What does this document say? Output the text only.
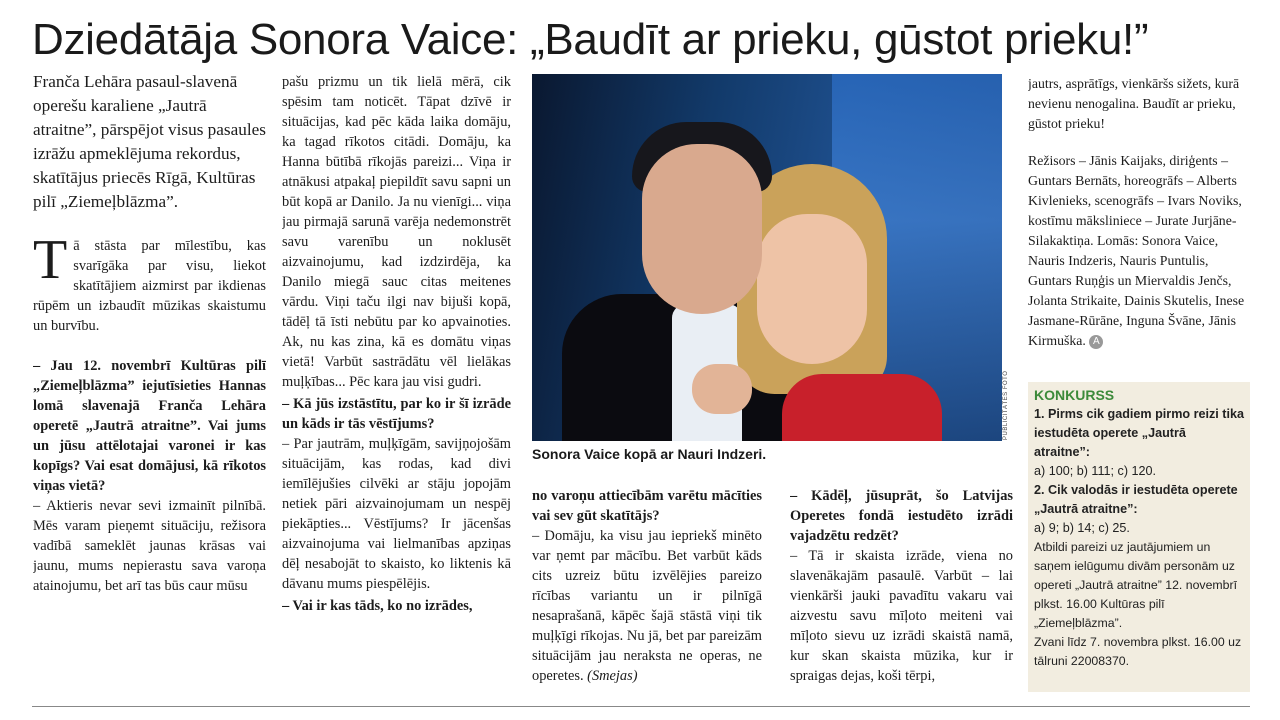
Dziedātāja Sonora Vaice: „Baudīt ar prieku, gūstot prieku!”

Franča Lehāra pasaul-slavenā operešu karaliene „Jautrā atraitne”, pārspējot visus pasaules izrāžu apmeklējuma rekordus, skatītājus priecēs Rīgā, Kultūras pilī „Ziemeļblāzma”.

Tā stāsta par mīlestību, kas svarīgāka par visu, liekot skatītājiem aizmirst par ikdienas rūpēm un izbaudīt mūzikas skaistumu un burvību.

– Jau 12. novembrī Kultūras pilī „Ziemeļblāzma” iejutīsieties Hannas lomā slavenajā Franča Lehāra operetē „Jautrā atraitne”. Vai jums un jūsu attēlotajai varonei ir kas kopīgs? Vai esat domājusi, kā rīkotos viņas vietā?

– Aktieris nevar sevi izmainīt pilnībā. Mēs varam pieņemt situāciju, režisora vadībā sameklēt jaunas krāsas vai jaunu, mums nepierastu sava varoņa atainojumu, bet arī tas būs caur mūsu

pašu prizmu un tik lielā mērā, cik spēsim tam noticēt. Tāpat dzīvē ir situācijas, kad pēc kāda laika domāju, ka tagad rīkotos citādi. Domāju, ka Hanna būtībā rīkojās pareizi... Viņa ir atnākusi atpakaļ piepildīt savu sapni un būt kopā ar Danilo. Ja nu vienīgi... viņa jau pirmajā sarunā varēja nedemonstrēt savu varenību un noklusēt aizvainojumu, kad izdzirdēja, ka Danilo miegā sauc citas meitenes vārdu. Viņi taču ilgi nav bijuši kopā, tādēļ tā īsti nebūtu par ko apvainoties. Ak, nu kas zina, kā es domātu viņas vietā! Varbūt sastrādātu vēl lielākas muļķības... Pēc kara jau visi gudri.

– Kā jūs izstāstītu, par ko ir šī izrāde un kāds ir tās vēstījums?

– Par jautrām, muļķīgām, savijņojošām situācijām, kas rodas, kad divi iemīlējušies cilvēki ar stāju jopojām netiek pāri aizvainojumam un nespēj piekāpties... Vēstījums? Ir jācenšas aizvainojuma vai lielmanības apziņas dēļ nesabojāt to skaisto, ko liktenis kā dāvanu mums piespēlējis.

– Vai ir kas tāds, ko no izrādes,

PUBLICITĀTES FOTO
Sonora Vaice kopā ar Nauri Indzeri.

no varoņu attiecībām varētu mācīties vai sev gūt skatītājs?

– Domāju, ka visu jau iepriekš minēto var ņemt par mācību. Bet varbūt kāds cits uzreiz būtu izvēlējies pareizo rīcības variantu un ir pilnīgā nesaprašanā, kāpēc šajā stāstā viņi tik muļķīgi rīkojas. Nu jā, bet par pareizām situācijām jau neraksta ne operas, ne operetes. (Smejas)

– Kādēļ, jūsuprāt, šo Latvijas Operetes fondā iestudēto izrādi vajadzētu redzēt?

– Tā ir skaista izrāde, viena no slavenākajām pasaulē. Varbūt – lai vienkārši jauki pavadītu vakaru vai aizvestu savu mīļoto meiteni vai mīļoto sievu uz izrādi skaistā namā, kur skan skaista mūzika, kur ir spraigas dejas, koši tērpi,

jautrs, asprātīgs, vienkāršs sižets, kurā nevienu nenogalina. Baudīt ar prieku, gūstot prieku!

Režisors – Jānis Kaijaks, diriģents – Guntars Bernāts, horeogrāfs – Alberts Kivlenieks, scenogrāfs – Ivars Noviks, kostīmu māksliniece – Jurate Jurjāne-Silakaktiņa. Lomās: Sonora Vaice, Nauris Indzeris, Nauris Puntulis, Guntars Ruņģis un Miervaldis Jenčs, Jolanta Strikaite, Dainis Skutelis, Inese Jasmane-Rūrāne, Inguna Švāne, Jānis Kirmuška. A

KONKURSS
1. Pirms cik gadiem pirmo reizi tika iestudēta operete „Jautrā atraitne”:
a) 100; b) 111; c) 120.
2. Cik valodās ir iestudēta operete „Jautrā atraitne”:
a) 9; b) 14; c) 25.
Atbildi pareizi uz jautājumiem un saņem ielūgumu divām personām uz opereti „Jautrā atraitne” 12. novembrī plkst. 16.00 Kultūras pilī „Ziemeļblāzma”.
Zvani līdz 7. novembra plkst. 16.00 uz tālruni 22008370.
